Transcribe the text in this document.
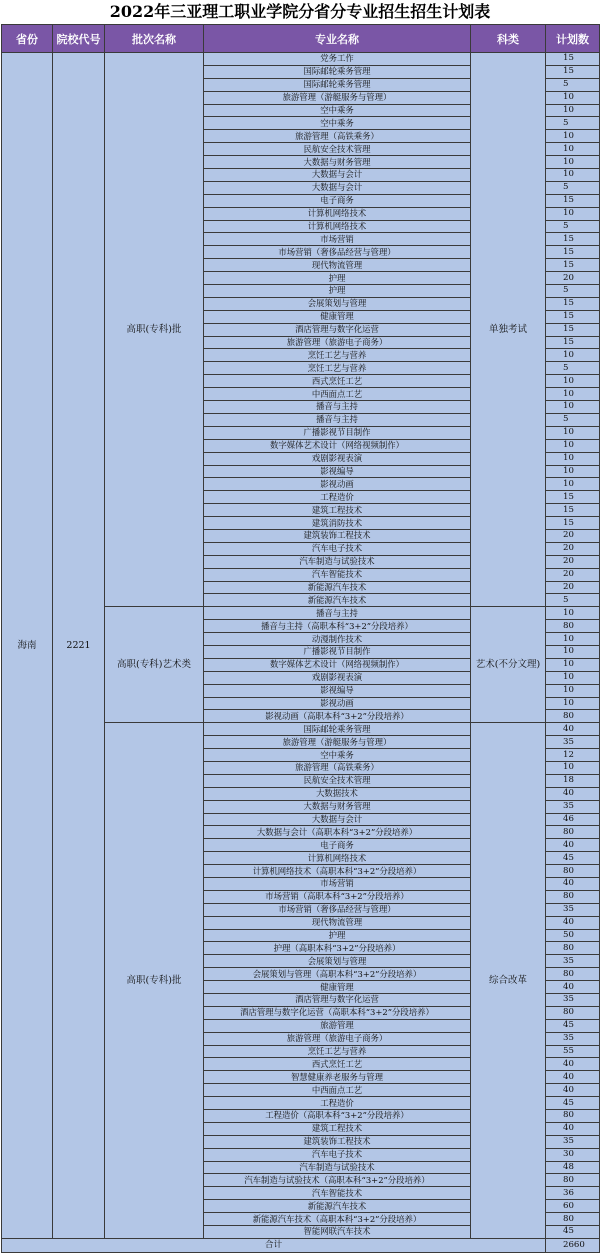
2022年三亚理工职业学院分省分专业招生招生计划表
省份	院校代号	批次名称	专业名称	科类	计划数
海南	2221	高职(专科)批	党务工作	单独考试	15
			国际邮轮乘务管理		15
			国际邮轮乘务管理		5
			旅游管理（游艇服务与管理）		10
			空中乘务		10
			空中乘务		5
			旅游管理（高铁乘务）		10
			民航安全技术管理		10
			大数据与财务管理		10
			大数据与会计		10
			大数据与会计		5
			电子商务		15
			计算机网络技术		10
			计算机网络技术		5
			市场营销		15
			市场营销（奢侈品经营与管理）		15
			现代物流管理		15
			护理		20
			护理		5
			会展策划与管理		15
			健康管理		15
			酒店管理与数字化运营		15
			旅游管理（旅游电子商务）		15
			烹饪工艺与营养		10
			烹饪工艺与营养		5
			西式烹饪工艺		10
			中西面点工艺		10
			播音与主持		10
			播音与主持		5
			广播影视节目制作		10
			数字媒体艺术设计（网络视频制作）		10
			戏剧影视表演		10
			影视编导		10
			影视动画		10
			工程造价		15
			建筑工程技术		15
			建筑消防技术		15
			建筑装饰工程技术		20
			汽车电子技术		20
			汽车制造与试验技术		20
			汽车智能技术		20
			新能源汽车技术		20
			新能源汽车技术		5
		高职(专科)艺术类	播音与主持	艺术(不分文理)	10
			播音与主持（高职本科“3+2”分段培养）		80
			动漫制作技术		10
			广播影视节目制作		10
			数字媒体艺术设计（网络视频制作）		10
			戏剧影视表演		10
			影视编导		10
			影视动画		10
			影视动画（高职本科“3+2”分段培养）		80
		高职(专科)批	国际邮轮乘务管理	综合改革	40
			旅游管理（游艇服务与管理）		35
			空中乘务		12
			旅游管理（高铁乘务）		10
			民航安全技术管理		18
			大数据技术		40
			大数据与财务管理		35
			大数据与会计		46
			大数据与会计（高职本科“3+2”分段培养）		80
			电子商务		40
			计算机网络技术		45
			计算机网络技术（高职本科“3+2”分段培养）		80
			市场营销		40
			市场营销（高职本科“3+2”分段培养）		80
			市场营销（奢侈品经营与管理）		35
			现代物流管理		40
			护理		50
			护理（高职本科“3+2”分段培养）		80
			会展策划与管理		35
			会展策划与管理（高职本科“3+2”分段培养）		80
			健康管理		40
			酒店管理与数字化运营		35
			酒店管理与数字化运营（高职本科“3+2”分段培养）		80
			旅游管理		45
			旅游管理（旅游电子商务）		35
			烹饪工艺与营养		55
			西式烹饪工艺		40
			智慧健康养老服务与管理		40
			中西面点工艺		40
			工程造价		45
			工程造价（高职本科“3+2”分段培养）		80
			建筑工程技术		40
			建筑装饰工程技术		35
			汽车电子技术		30
			汽车制造与试验技术		48
			汽车制造与试验技术（高职本科“3+2”分段培养）		80
			汽车智能技术		36
			新能源汽车技术		60
			新能源汽车技术（高职本科“3+2”分段培养）		80
			智能网联汽车技术		45
合计					2660
